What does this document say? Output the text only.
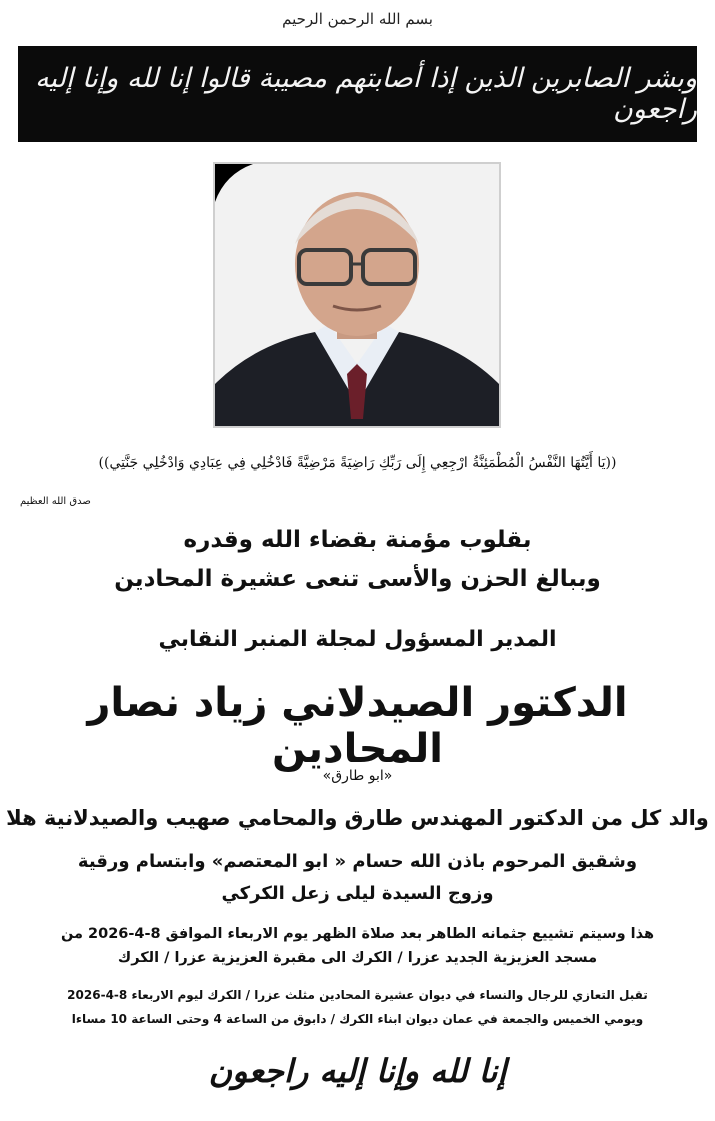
بسم الله الرحمن الرحيم
وبشر الصابرين الذين إذا أصابتهم مصيبة قالوا إنا لله وإنا إليه راجعون
((يَا أَيَّتُهَا النَّفْسُ الْمُطْمَئِنَّةُ ارْجِعِي إِلَى رَبِّكِ رَاضِيَةً مَرْضِيَّةً فَادْخُلِي فِي عِبَادِي وَادْخُلِي جَنَّتِي))
صدق الله العظيم
بقلوب مؤمنة بقضاء الله وقدره
وببالغ الحزن والأسى تنعى عشيرة المحادين
المدير المسؤول لمجلة المنبر النقابي
الدكتور الصيدلاني زياد نصار المحادين
«ابو طارق»
والد كل من الدكتور المهندس طارق والمحامي صهيب والصيدلانية هلا
وشقيق المرحوم باذن الله حسام « ابو المعتصم» وابتسام ورقية
وزوج السيدة ليلى زعل الكركي
هذا وسيتم تشييع جثمانه الطاهر بعد صلاة الظهر يوم الاربعاء الموافق 8-4-2026 من
مسجد العزيزية الجديد عزرا / الكرك الى مقبرة العزيزية عزرا / الكرك
تقبل التعازي للرجال والنساء في ديوان عشيرة المحادين مثلث عزرا / الكرك ليوم الاربعاء 8-4-2026
ويومي الخميس والجمعة في عمان ديوان ابناء الكرك / دابوق من الساعة 4 وحتى الساعة 10 مساءا
إنا لله وإنا إليه راجعون
